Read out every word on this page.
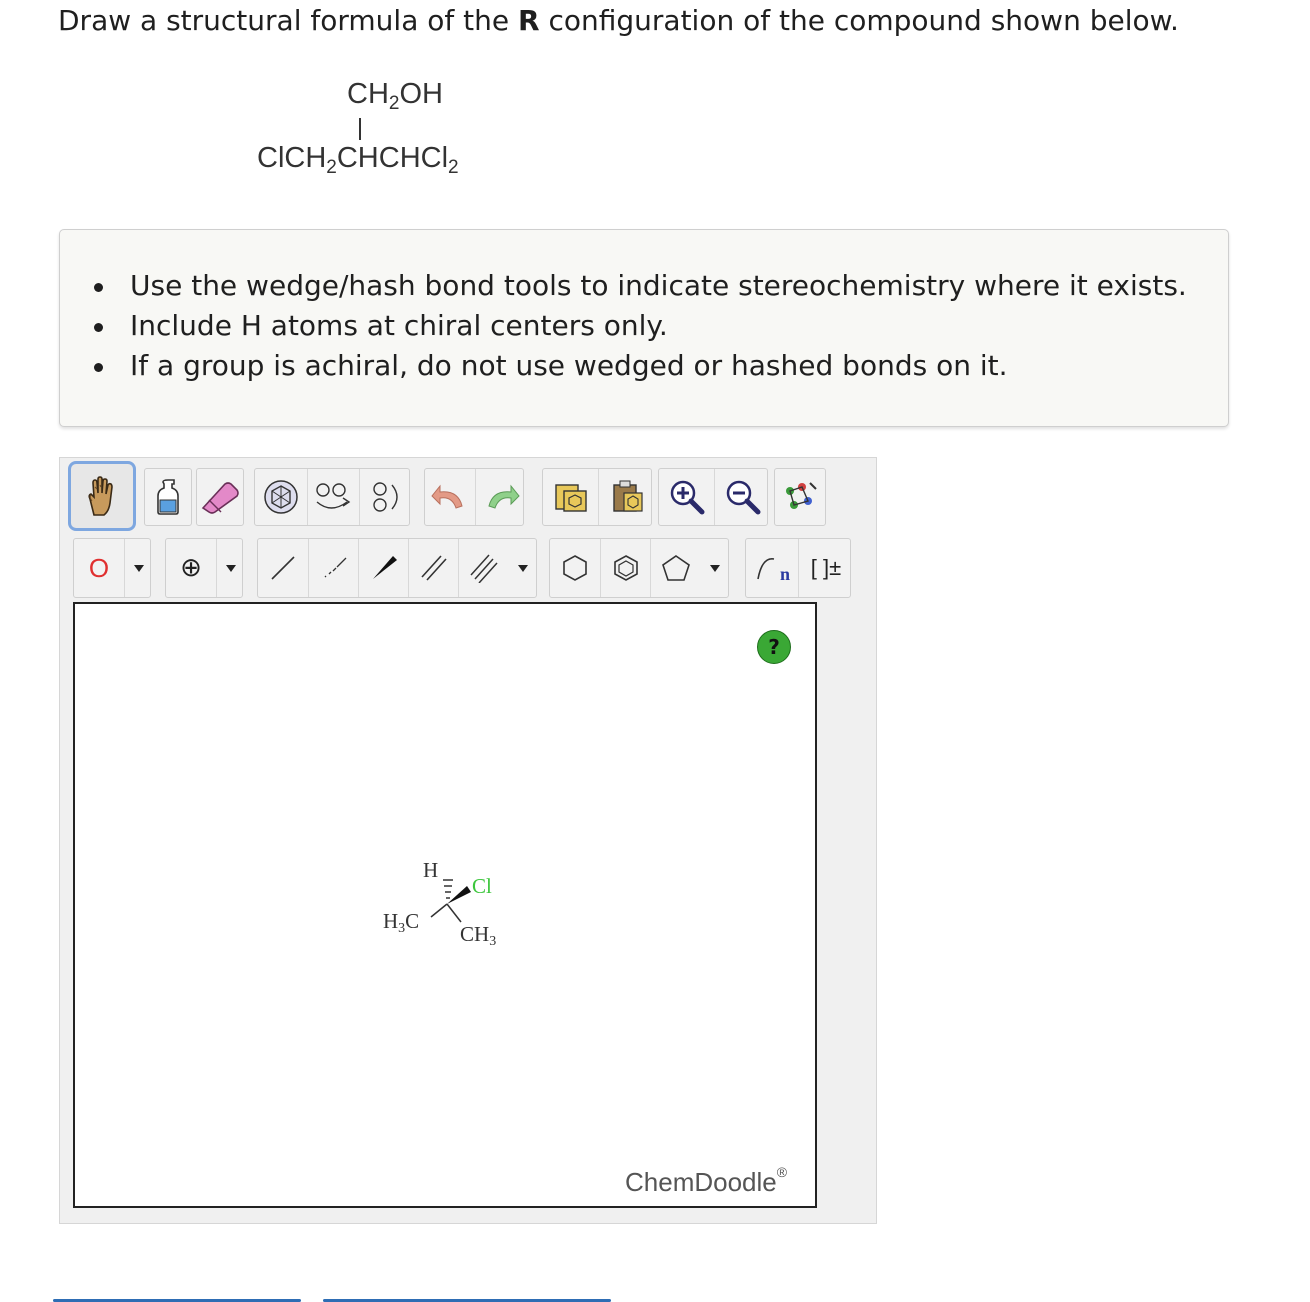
Draw a structural formula of the R configuration of the compound shown below.
$CH_2OH$
ClCH$_2$CHCHCl$_2$
Use the wedge/hash bond tools to indicate stereochemistry where it exists.
Include H atoms at chiral centers only.
If a group is achiral, do not use wedged or hashed bonds on it.
O	⊕	n [ ]±
?
H
Cl
$H_3C$
$CH_3$
ChemDoodle®
